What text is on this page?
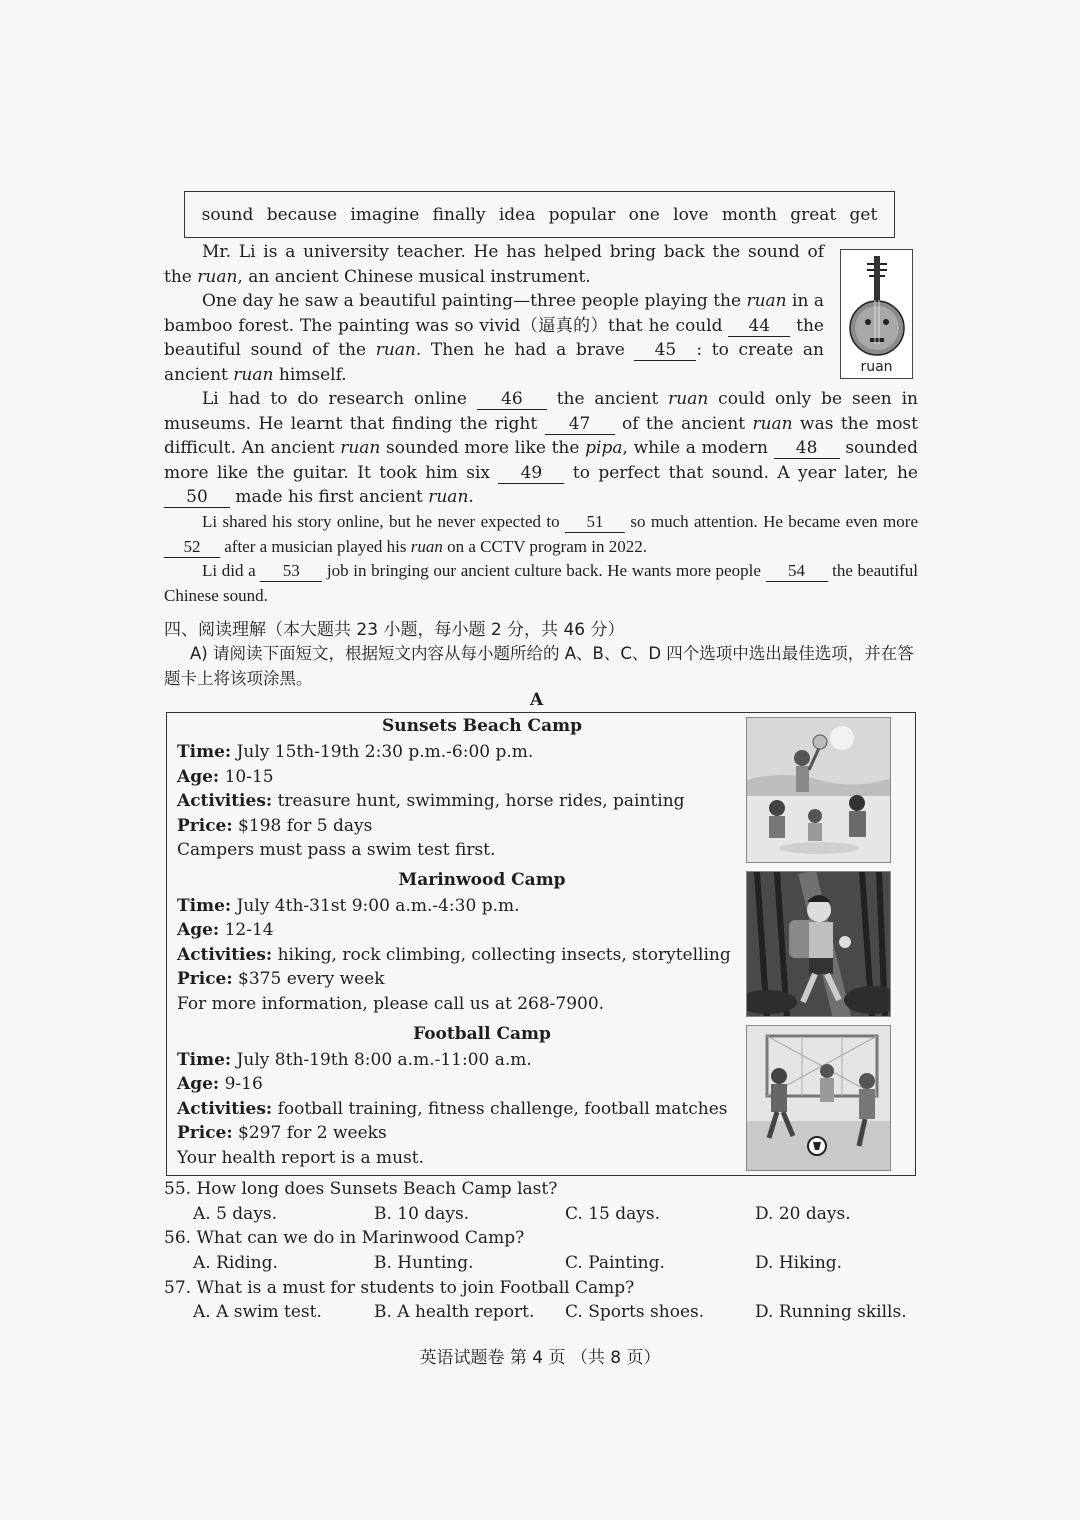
sound because imagine finally idea popular one love month great get

Mr. Li is a university teacher. He has helped bring back the sound of the ruan, an ancient Chinese musical instrument.

One day he saw a beautiful painting—three people playing the ruan in a bamboo forest. The painting was so vivid（逼真的）that he could 44 the beautiful sound of the ruan. Then he had a brave 45 : to create an ancient ruan himself.	ruan

Li had to do research online 46 the ancient ruan could only be seen in museums. He learnt that finding the right 47 of the ancient ruan was the most difficult. An ancient ruan sounded more like the pipa, while a modern 48 sounded more like the guitar. It took him six 49 to perfect that sound. A year later, he 50 made his first ancient ruan.

Li shared his story online, but he never expected to 51 so much attention. He became even more 52 after a musician played his ruan on a CCTV program in 2022.

Li did a 53 job in bringing our ancient culture back. He wants more people 54 the beautiful Chinese sound.

四、阅读理解（本大题共 23 小题，每小题 2 分，共 46 分）
A) 请阅读下面短文，根据短文内容从每小题所给的 A、B、C、D 四个选项中选出最佳选项，并在答题卡上将该项涂黑。
A
Sunsets Beach Camp
Time: July 15th-19th 2:30 p.m.-6:00 p.m.
Age: 10-15
Activities: treasure hunt, swimming, horse rides, painting
Price: $198 for 5 days
Campers must pass a swim test first.
Marinwood Camp
Time: July 4th-31st 9:00 a.m.-4:30 p.m.
Age: 12-14
Activities: hiking, rock climbing, collecting insects, storytelling
Price: $375 every week
For more information, please call us at 268-7900.
Football Camp
Time: July 8th-19th 8:00 a.m.-11:00 a.m.
Age: 9-16
Activities: football training, fitness challenge, football matches
Price: $297 for 2 weeks
Your health report is a must.
55. How long does Sunsets Beach Camp last?
A. 5 days.	B. 10 days.	C. 15 days.	D. 20 days.
56. What can we do in Marinwood Camp?
A. Riding.	B. Hunting.	C. Painting.	D. Hiking.
57. What is a must for students to join Football Camp?
A. A swim test.	B. A health report. C. Sports shoes.	D. Running skills.
英语试题卷 第 4 页 （共 8 页）
